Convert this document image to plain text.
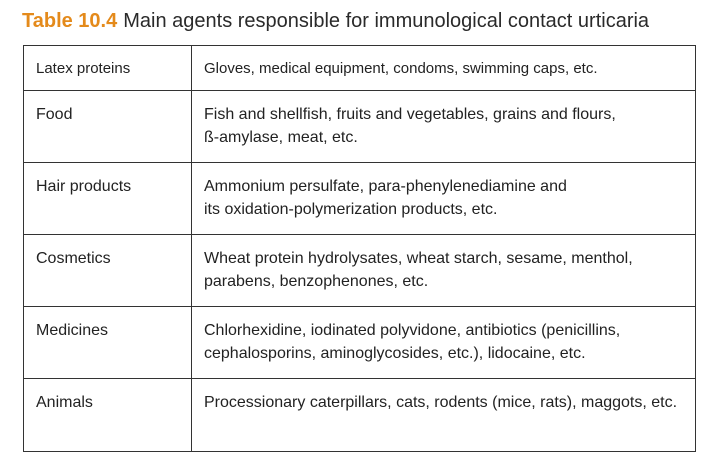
Table 10.4 Main agents responsible for immunological contact urticaria
Latex proteins	Gloves, medical equipment, condoms, swimming caps, etc.

Food	Fish and shellfish, fruits and vegetables, grains and flours,
ß-amylase, meat, etc.

Hair products	Ammonium persulfate, para-phenylenediamine and
its oxidation-polymerization products, etc.

Cosmetics	Wheat protein hydrolysates, wheat starch, sesame, menthol,
parabens, benzophenones, etc.

Medicines	Chlorhexidine, iodinated polyvidone, antibiotics (penicillins,
cephalosporins, aminoglycosides, etc.), lidocaine, etc.

Animals	Processionary caterpillars, cats, rodents (mice, rats), maggots, etc.
